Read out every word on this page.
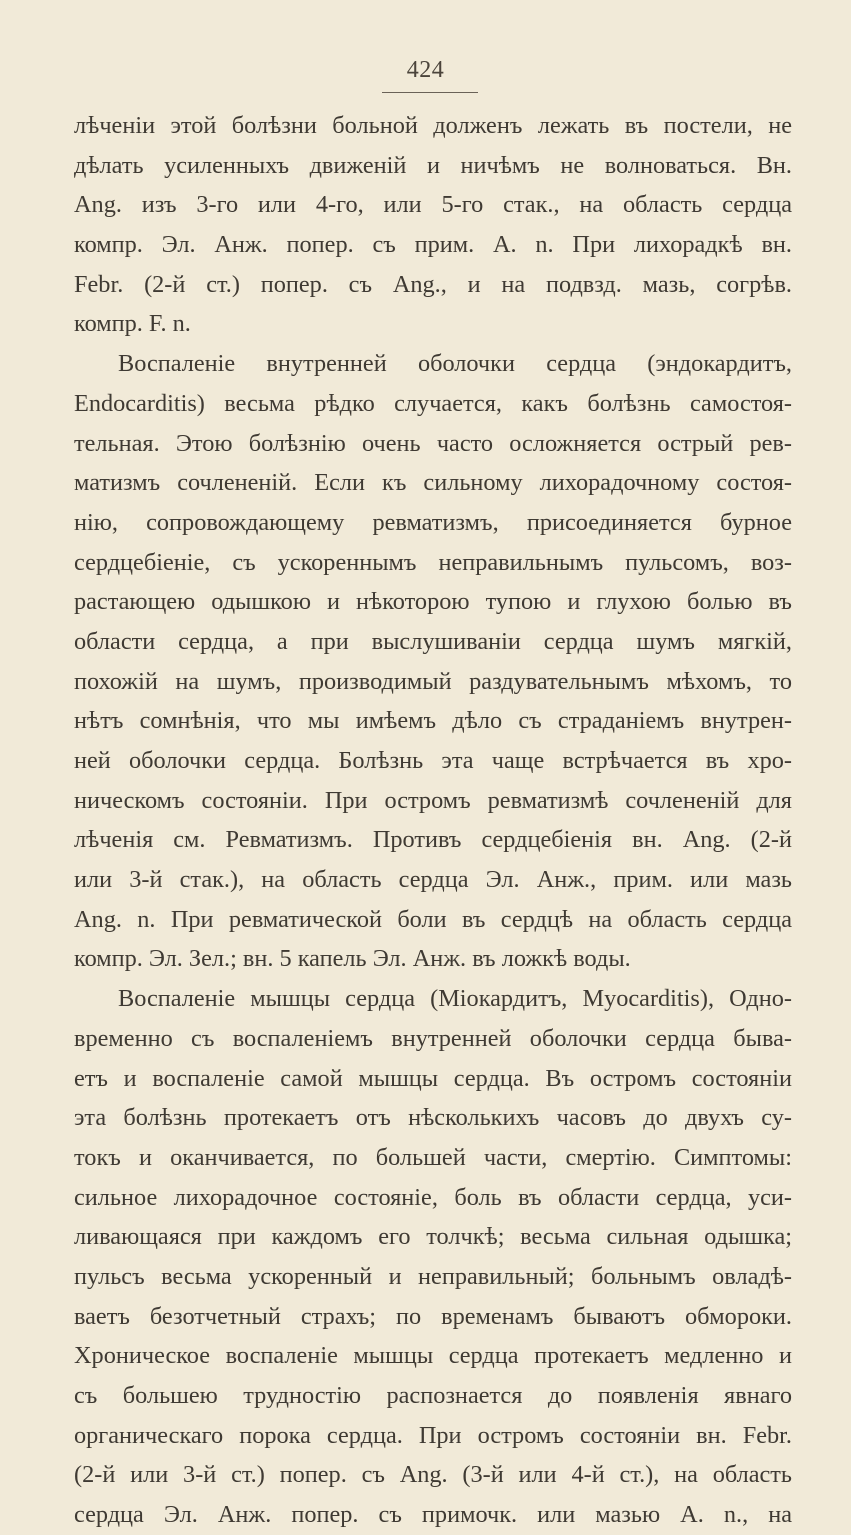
424
лѣченіи этой болѣзни больной долженъ лежать въ постели, не
дѣлать усиленныхъ движеній и ничѣмъ не волноваться. Вн.
Ang. изъ 3-го или 4-го, или 5-го стак., на область сердца
компр. Эл. Анж. попер. съ прим. A. n. При лихорадкѣ вн.
Febr. (2-й ст.) попер. съ Ang., и на подвзд. мазь, согрѣв.
компр. F. n.
Воспаленіе внутренней оболочки сердца (эндокардитъ,
Endocarditis) весьма рѣдко случается, какъ болѣзнь самостоя-
тельная. Этою болѣзнію очень часто осложняется острый рев-
матизмъ сочлененій. Если къ сильному лихорадочному состоя-
нію, сопровождающему ревматизмъ, присоединяется бурное
сердцебіеніе, съ ускореннымъ неправильнымъ пульсомъ, воз-
растающею одышкою и нѣкоторою тупою и глухою болью въ
области сердца, а при выслушиваніи сердца шумъ мягкій,
похожій на шумъ, производимый раздувательнымъ мѣхомъ, то
нѣтъ сомнѣнія, что мы имѣемъ дѣло съ страданіемъ внутрен-
ней оболочки сердца. Болѣзнь эта чаще встрѣчается въ хро-
ническомъ состояніи. При остромъ ревматизмѣ сочлененій для
лѣченія см. Ревматизмъ. Противъ сердцебіенія вн. Ang. (2-й
или 3-й стак.), на область сердца Эл. Анж., прим. или мазь
Ang. n. При ревматической боли въ сердцѣ на область сердца
компр. Эл. Зел.; вн. 5 капель Эл. Анж. въ ложкѣ воды.
Воспаленіе мышцы сердца (Міокардитъ, Myocarditis), Одно-
временно съ воспаленіемъ внутренней оболочки сердца быва-
етъ и воспаленіе самой мышцы сердца. Въ остромъ состояніи
эта болѣзнь протекаетъ отъ нѣсколькихъ часовъ до двухъ су-
токъ и оканчивается, по большей части, смертію. Симптомы:
сильное лихорадочное состояніе, боль въ области сердца, уси-
ливающаяся при каждомъ его толчкѣ; весьма сильная одышка;
пульсъ весьма ускоренный и неправильный; больнымъ овладѣ-
ваетъ безотчетный страхъ; по временамъ бываютъ обмороки.
Хроническое воспаленіе мышцы сердца протекаетъ медленно и
съ большею трудностію распознается до появленія явнаго
органическаго порока сердца. При остромъ состояніи вн. Febr.
(2-й или 3-й ст.) попер. съ Ang. (3-й или 4-й ст.), на область
сердца Эл. Анж. попер. съ примочк. или мазью A. n., на
